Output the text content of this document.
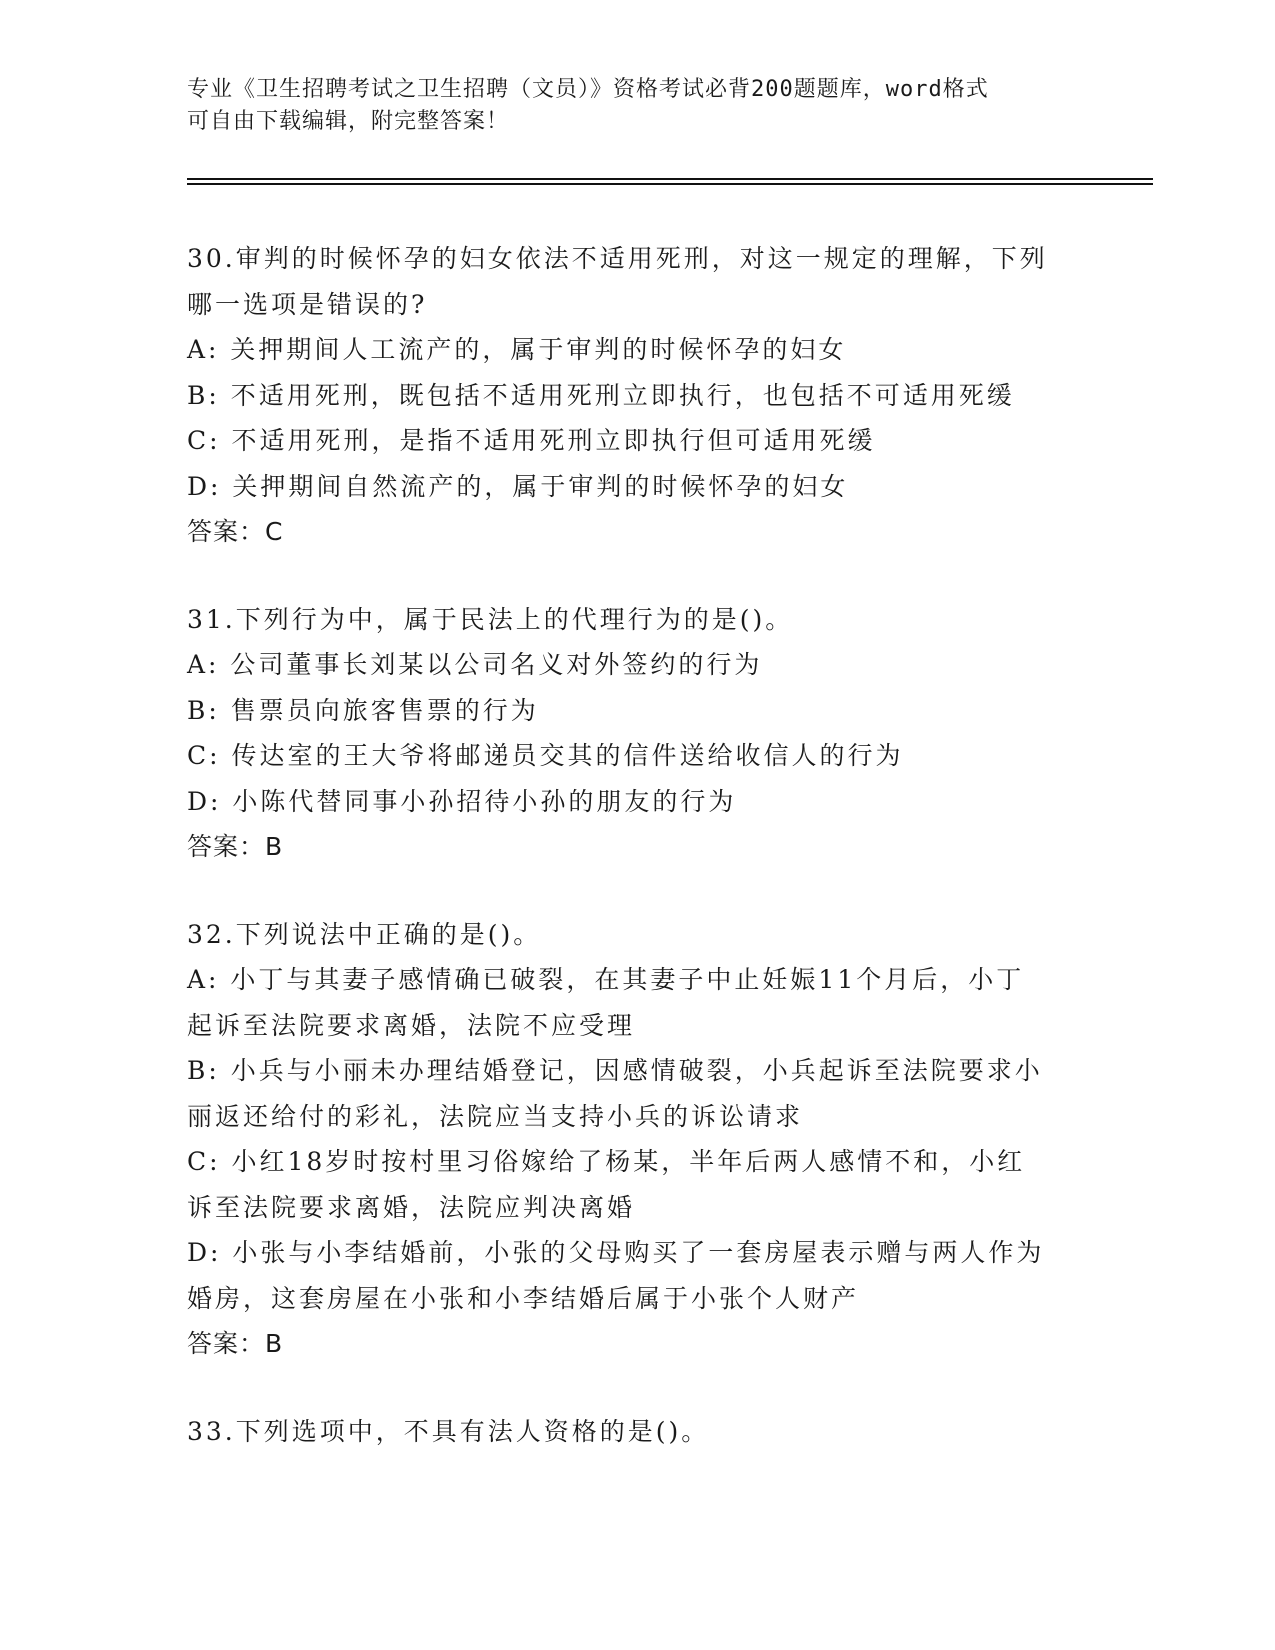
专业《卫生招聘考试之卫生招聘（文员）》资格考试必背200题题库，word格式
可自由下载编辑，附完整答案！

30.审判的时候怀孕的妇女依法不适用死刑，对这一规定的理解，下列

哪一选项是错误的?

A: 关押期间人工流产的，属于审判的时候怀孕的妇女

B: 不适用死刑，既包括不适用死刑立即执行，也包括不可适用死缓

C: 不适用死刑，是指不适用死刑立即执行但可适用死缓

D: 关押期间自然流产的，属于审判的时候怀孕的妇女

答案：C

31.下列行为中，属于民法上的代理行为的是()。

A: 公司董事长刘某以公司名义对外签约的行为

B: 售票员向旅客售票的行为

C: 传达室的王大爷将邮递员交其的信件送给收信人的行为

D: 小陈代替同事小孙招待小孙的朋友的行为

答案：B

32.下列说法中正确的是()。

A: 小丁与其妻子感情确已破裂，在其妻子中止妊娠11个月后，小丁

起诉至法院要求离婚，法院不应受理

B: 小兵与小丽未办理结婚登记，因感情破裂，小兵起诉至法院要求小

丽返还给付的彩礼，法院应当支持小兵的诉讼请求

C: 小红18岁时按村里习俗嫁给了杨某，半年后两人感情不和，小红

诉至法院要求离婚，法院应判决离婚

D: 小张与小李结婚前，小张的父母购买了一套房屋表示赠与两人作为

婚房，这套房屋在小张和小李结婚后属于小张个人财产

答案：B

33.下列选项中，不具有法人资格的是()。
